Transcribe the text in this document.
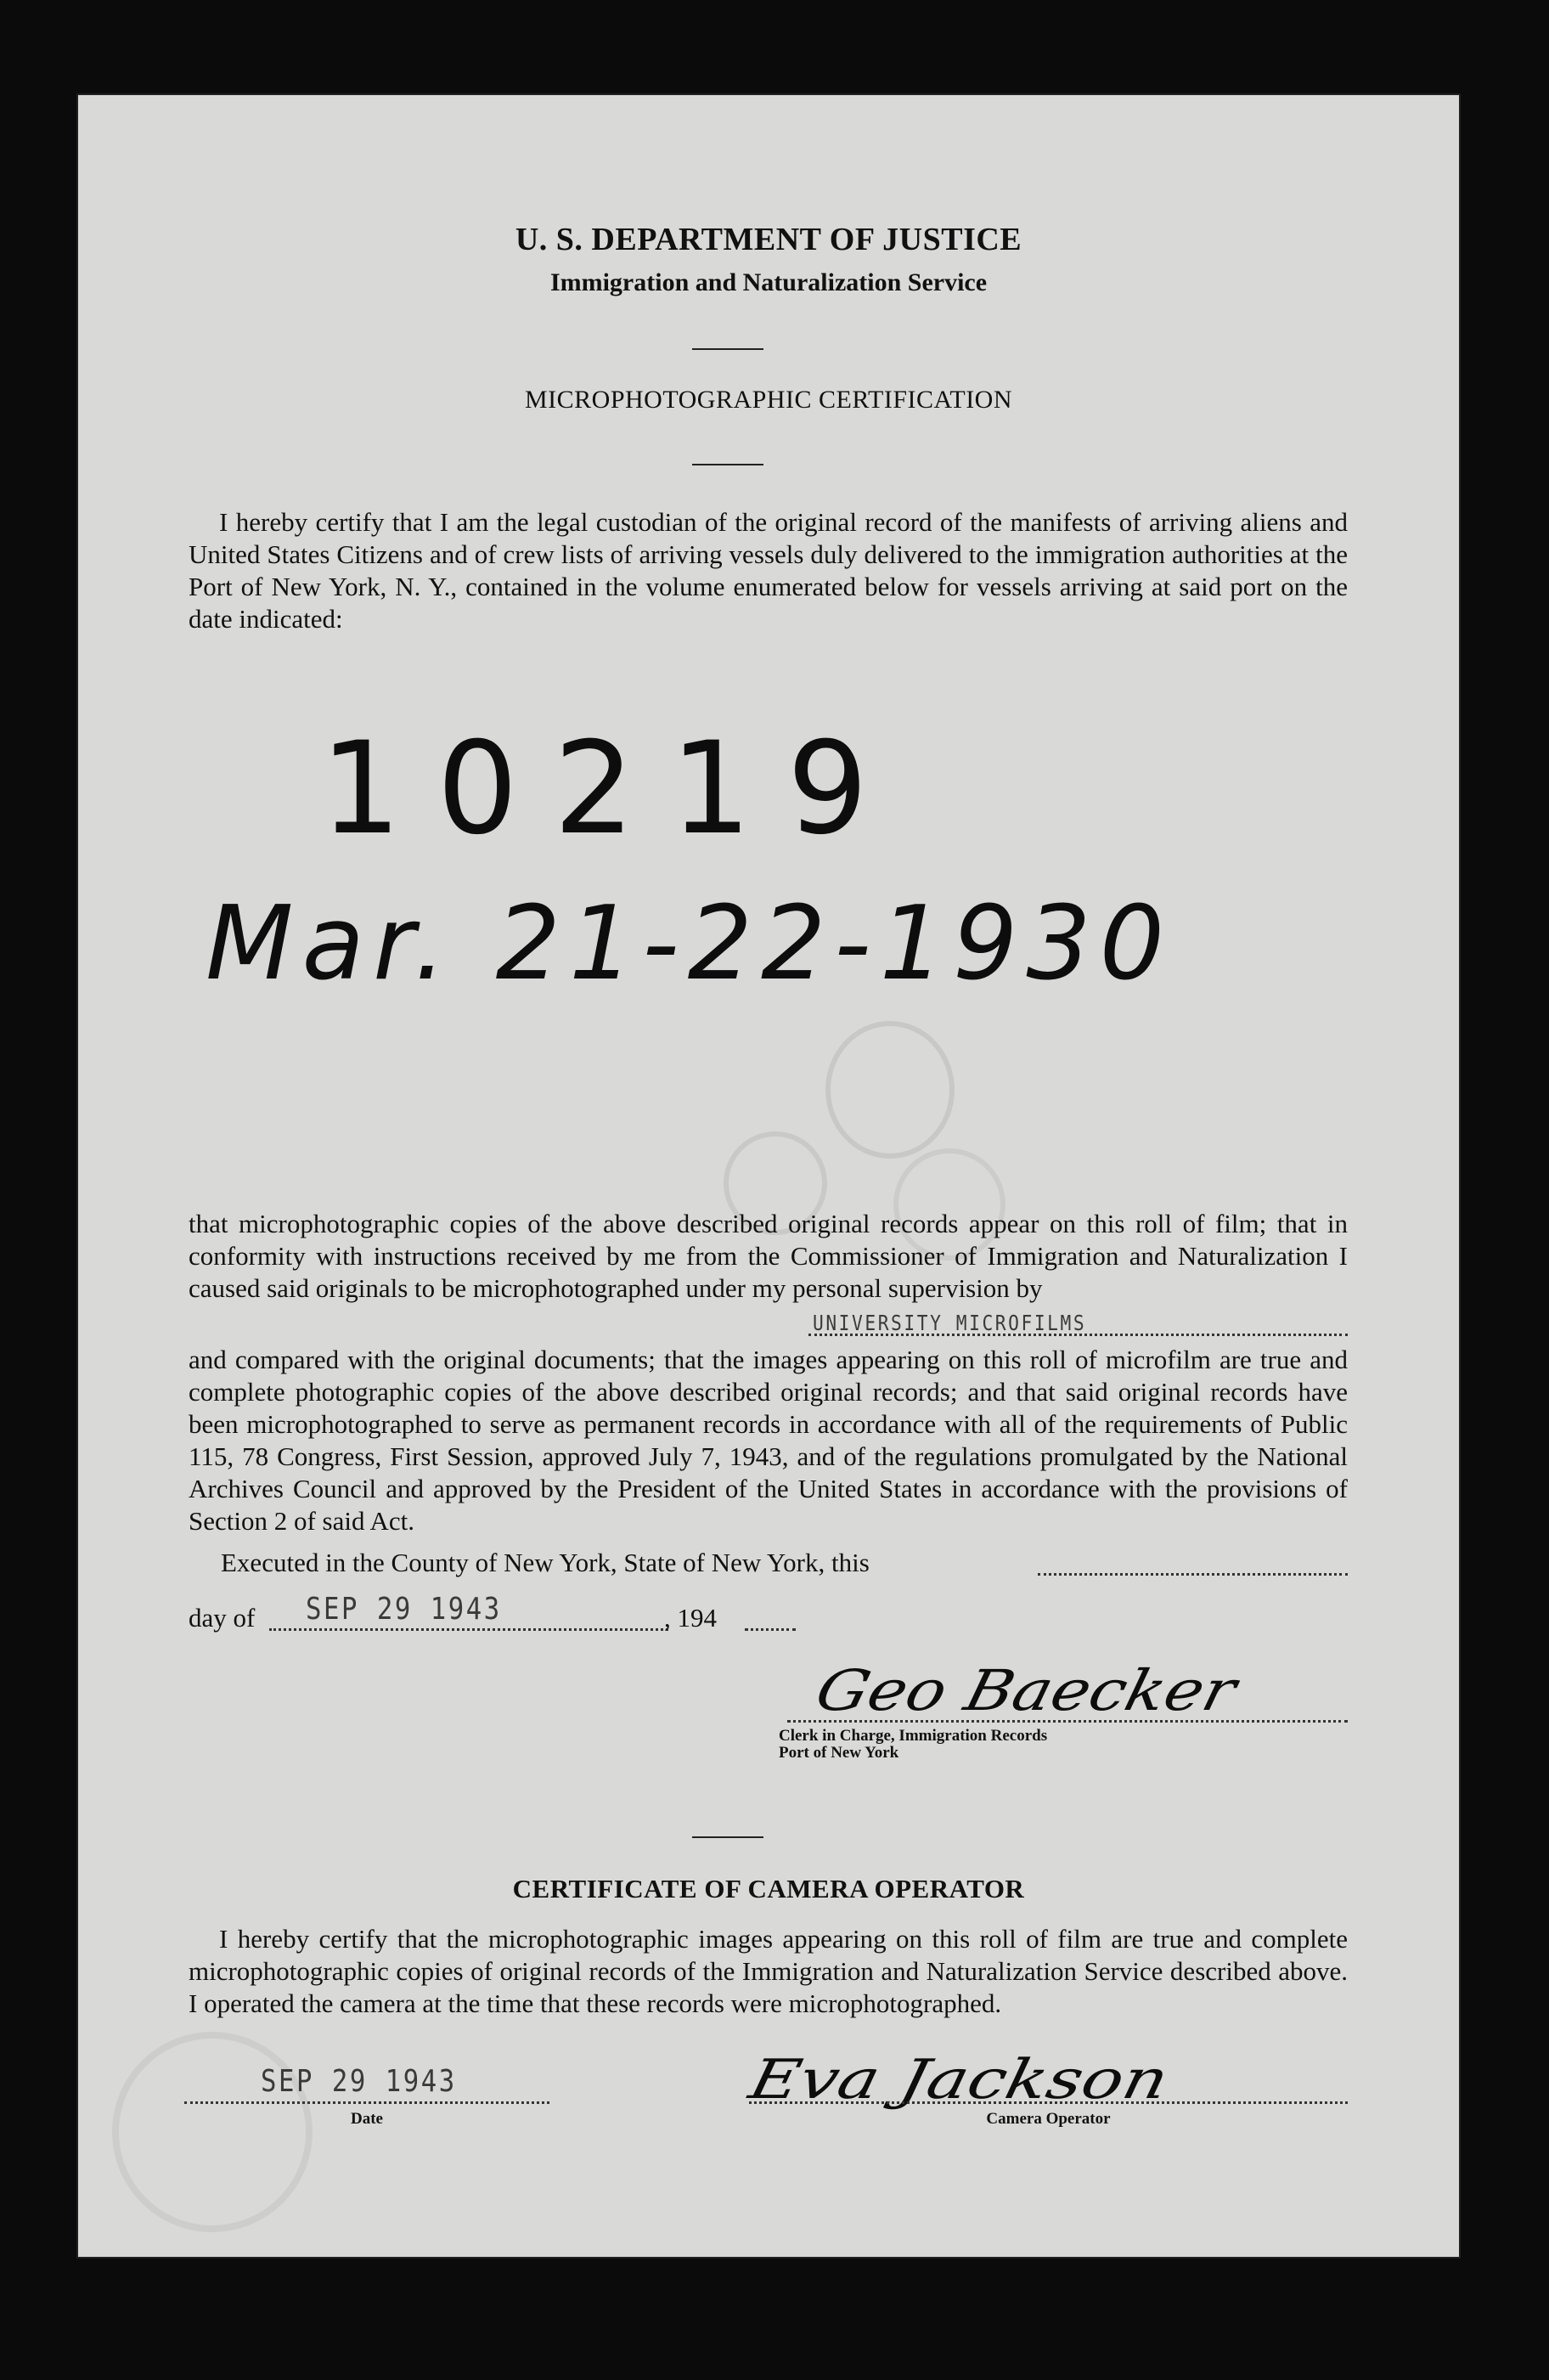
U. S. DEPARTMENT OF JUSTICE
Immigration and Naturalization Service
MICROPHOTOGRAPHIC CERTIFICATION
I hereby certify that I am the legal custodian of the original record of the manifests of arriving aliens and United States Citizens and of crew lists of arriving vessels duly delivered to the immigration authorities at the Port of New York, N. Y., contained in the volume enumerated below for vessels arriving at said port on the date indicated:
10219
Mar. 21-22-1930
that microphotographic copies of the above described original records appear on this roll of film; that in conformity with instructions received by me from the Commissioner of Immigration and Naturalization I caused said originals to be microphotographed under my personal supervision by
UNIVERSITY MICROFILMS
and compared with the original documents; that the images appearing on this roll of microfilm are true and complete photographic copies of the above described original records; and that said original records have been microphotographed to serve as permanent records in accordance with all of the requirements of Public 115, 78 Congress, First Session, approved July 7, 1943, and of the regulations promulgated by the National Archives Council and approved by the President of the United States in accordance with the provisions of Section 2 of said Act.
Executed in the County of New York, State of New York, this
day of SEP 29 1943	, 194
Geo Baecker
Clerk in Charge, Immigration Records
Port of New York
CERTIFICATE OF CAMERA OPERATOR
I hereby certify that the microphotographic images appearing on this roll of film are true and complete microphotographic copies of original records of the Immigration and Naturalization Service described above. I operated the camera at the time that these records were microphotographed.
SEP 29 1943
Date
Eva Jackson
Camera Operator
